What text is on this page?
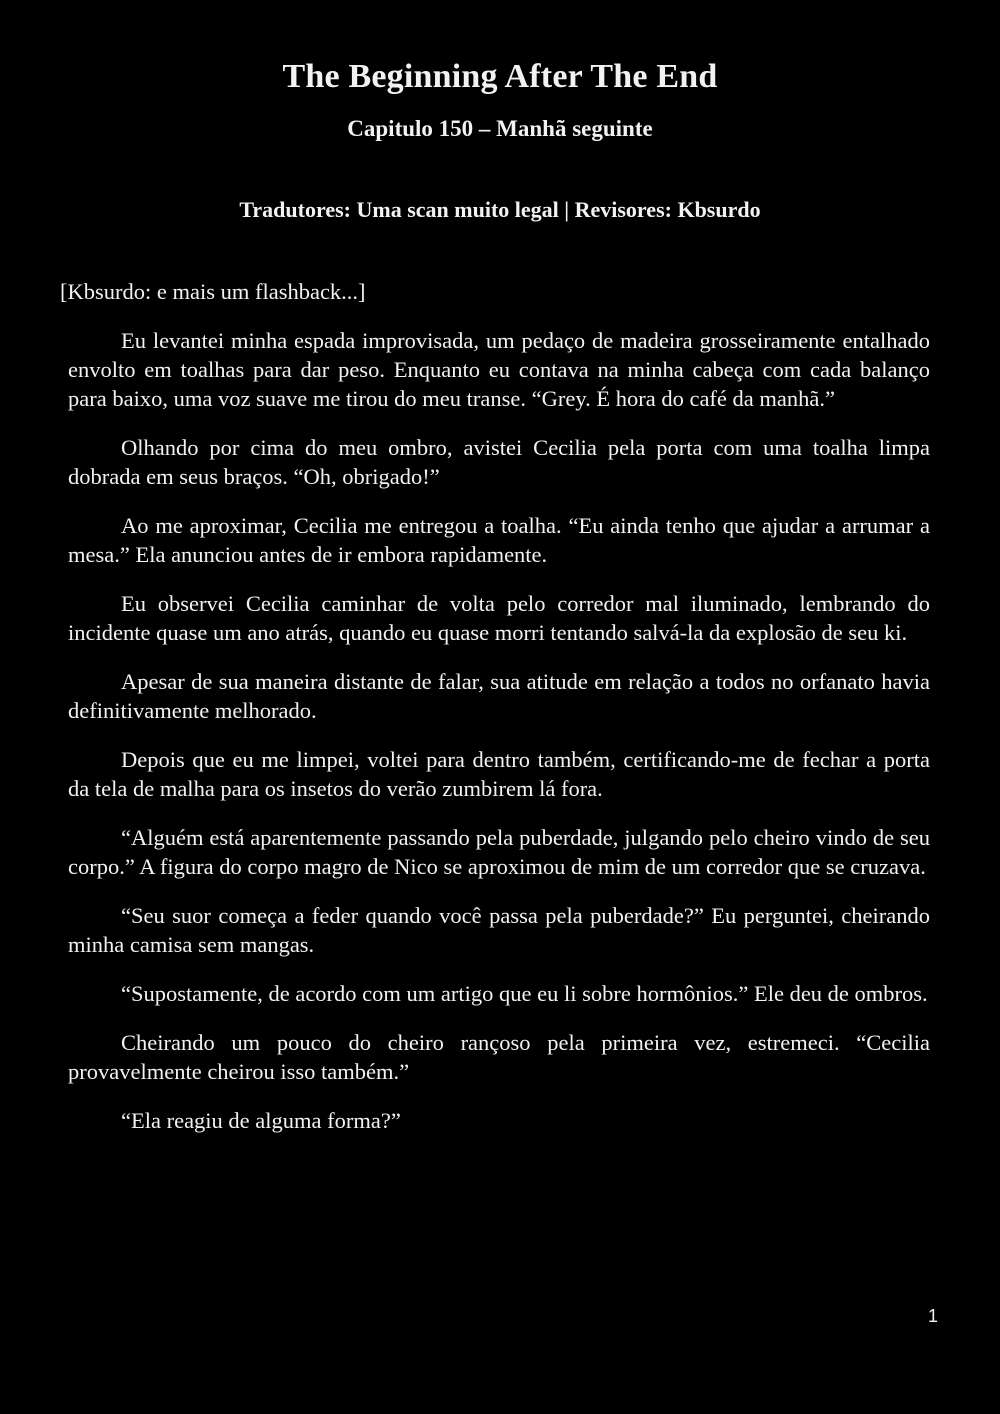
The Beginning After The End
Capitulo 150 – Manhã seguinte
Tradutores: Uma scan muito legal | Revisores: Kbsurdo

[Kbsurdo: e mais um flashback...]

Eu levantei minha espada improvisada, um pedaço de madeira grosseiramente entalhado envolto em toalhas para dar peso. Enquanto eu contava na minha cabeça com cada balanço para baixo, uma voz suave me tirou do meu transe. “Grey. É hora do café da manhã.”

Olhando por cima do meu ombro, avistei Cecilia pela porta com uma toalha limpa dobrada em seus braços. “Oh, obrigado!”

Ao me aproximar, Cecilia me entregou a toalha. “Eu ainda tenho que ajudar a arrumar a mesa.” Ela anunciou antes de ir embora rapidamente.

Eu observei Cecilia caminhar de volta pelo corredor mal iluminado, lembrando do incidente quase um ano atrás, quando eu quase morri tentando salvá-la da explosão de seu ki.

Apesar de sua maneira distante de falar, sua atitude em relação a todos no orfanato havia definitivamente melhorado.

Depois que eu me limpei, voltei para dentro também, certificando-me de fechar a porta da tela de malha para os insetos do verão zumbirem lá fora.

“Alguém está aparentemente passando pela puberdade, julgando pelo cheiro vindo de seu corpo.” A figura do corpo magro de Nico se aproximou de mim de um corredor que se cruzava.

“Seu suor começa a feder quando você passa pela puberdade?” Eu perguntei, cheirando minha camisa sem mangas.

“Supostamente, de acordo com um artigo que eu li sobre hormônios.” Ele deu de ombros.

Cheirando um pouco do cheiro rançoso pela primeira vez, estremeci. “Cecilia provavelmente cheirou isso também.”

“Ela reagiu de alguma forma?”

1
